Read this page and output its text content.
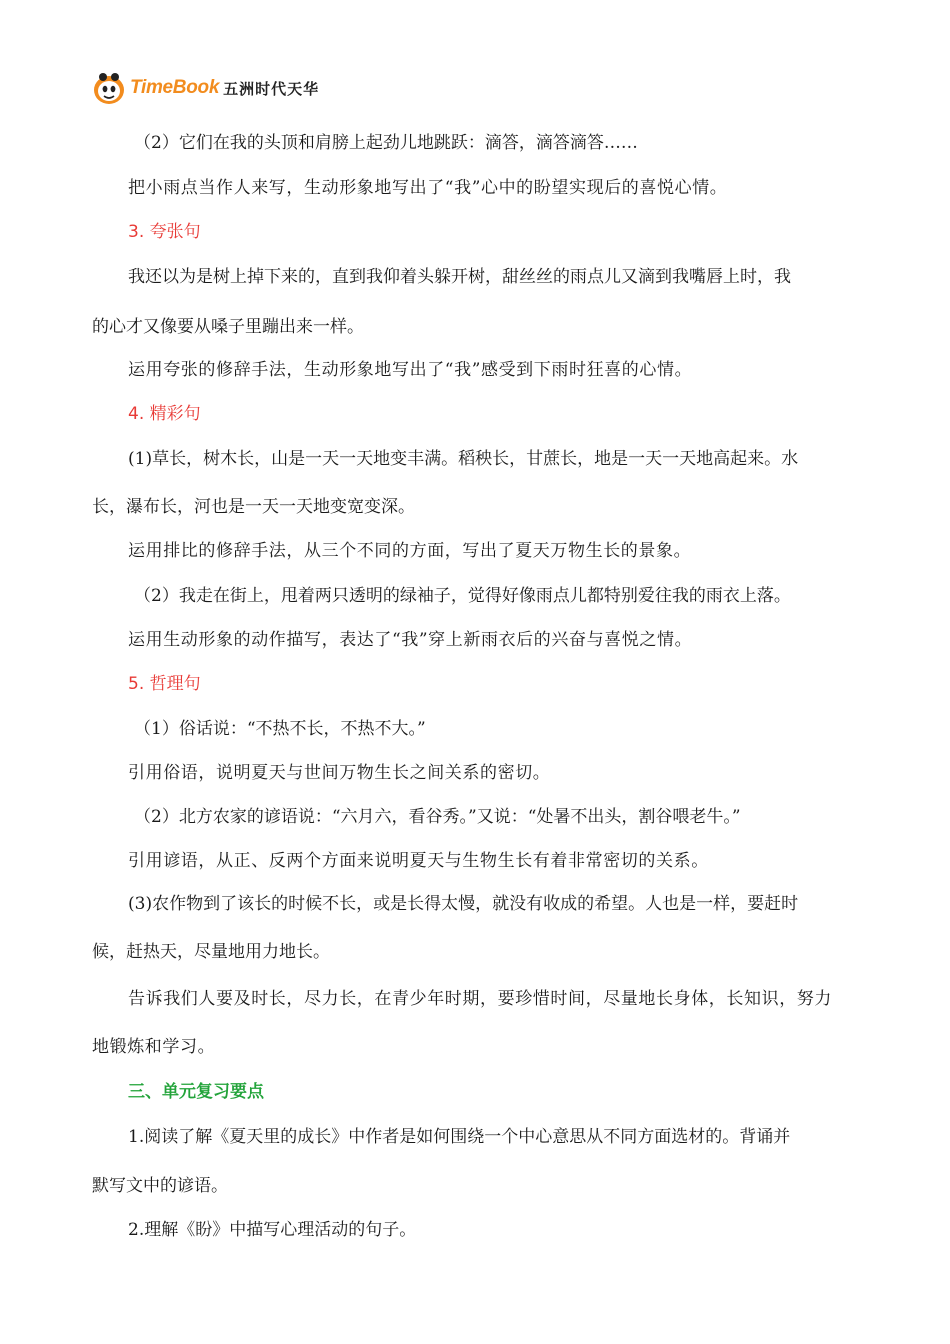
TimeBook 五洲时代天华
（2）它们在我的头顶和肩膀上起劲儿地跳跃：滴答，滴答滴答……
把小雨点当作人来写，生动形象地写出了“我”心中的盼望实现后的喜悦心情。
3. 夸张句
我还以为是树上掉下来的，直到我仰着头躲开树，甜丝丝的雨点儿又滴到我嘴唇上时，我
的心才又像要从嗓子里蹦出来一样。
运用夸张的修辞手法，生动形象地写出了“我”感受到下雨时狂喜的心情。
4. 精彩句
(1)草长，树木长，山是一天一天地变丰满。稻秧长，甘蔗长，地是一天一天地高起来。水
长，瀑布长，河也是一天一天地变宽变深。
运用排比的修辞手法，从三个不同的方面，写出了夏天万物生长的景象。
（2）我走在街上，甩着两只透明的绿袖子，觉得好像雨点儿都特别爱往我的雨衣上落。
运用生动形象的动作描写，表达了“我”穿上新雨衣后的兴奋与喜悦之情。
5. 哲理句
（1）俗话说：“不热不长，不热不大。”
引用俗语，说明夏天与世间万物生长之间关系的密切。
（2）北方农家的谚语说：“六月六，看谷秀。”又说：“处暑不出头，割谷喂老牛。”
引用谚语，从正、反两个方面来说明夏天与生物生长有着非常密切的关系。
(3)农作物到了该长的时候不长，或是长得太慢，就没有收成的希望。人也是一样，要赶时
候，赶热天，尽量地用力地长。
告诉我们人要及时长，尽力长，在青少年时期，要珍惜时间，尽量地长身体，长知识，努力
地锻炼和学习。
三、单元复习要点
1.阅读了解《夏天里的成长》中作者是如何围绕一个中心意思从不同方面选材的。背诵并
默写文中的谚语。
2.理解《盼》中描写心理活动的句子。
